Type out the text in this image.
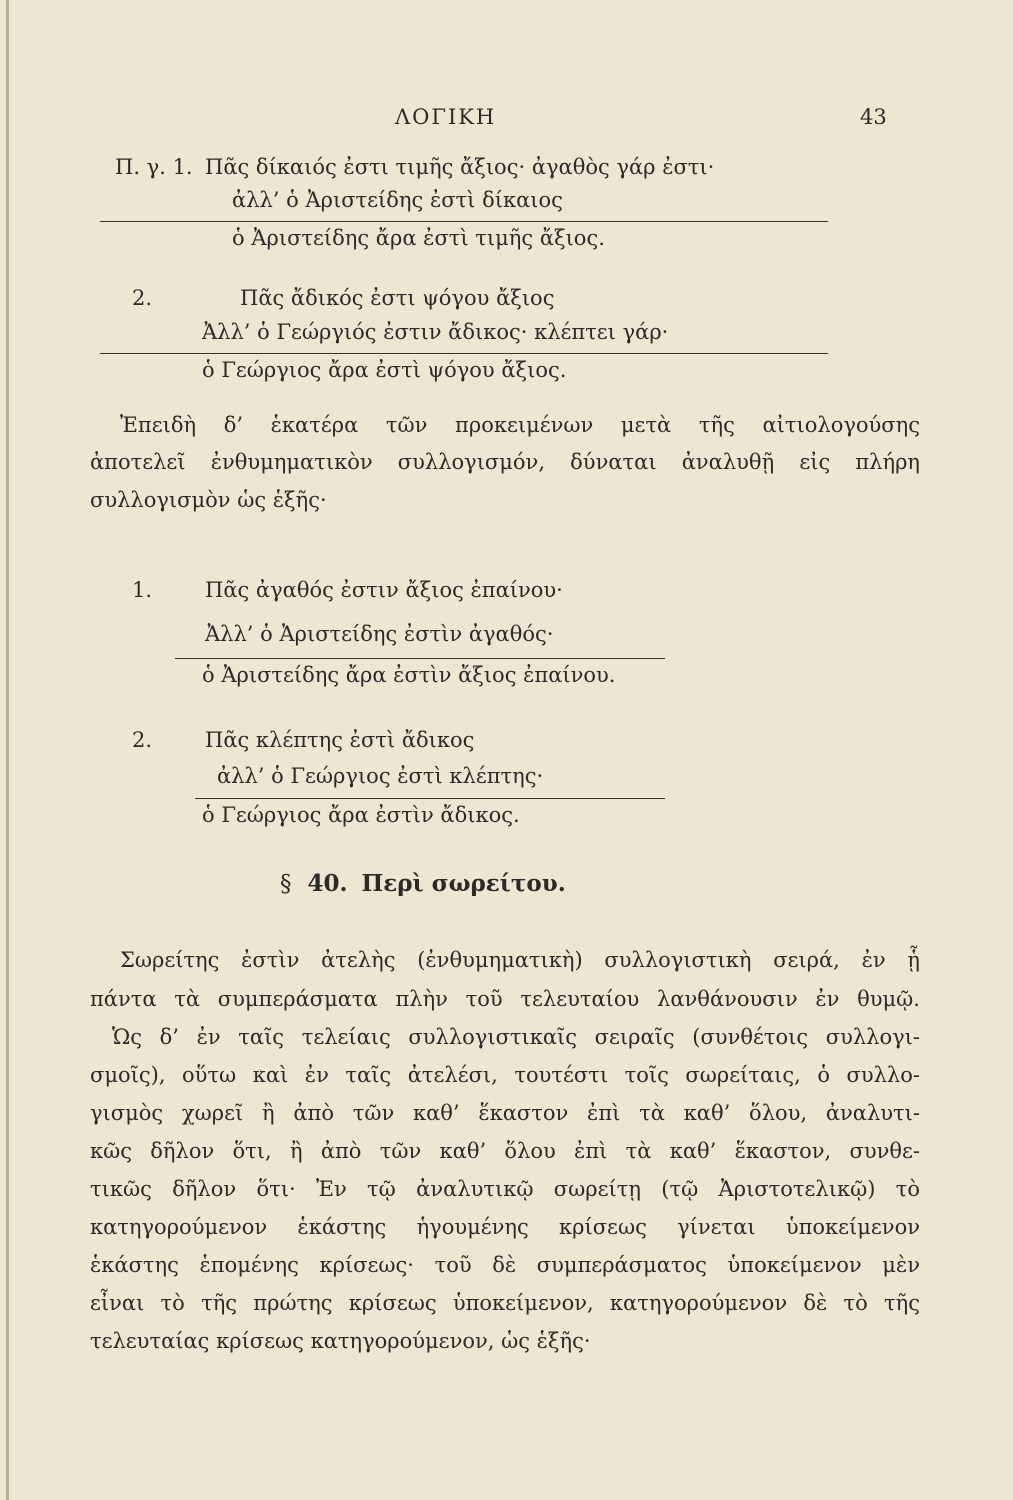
ΛΟΓΙΚΗ	43
Π. γ. 1. Πᾶς δίκαιός ἐστι τιμῆς ἄξιος· ἀγαθὸς γάρ ἐστι·
ἀλλ’ ὁ Ἀριστείδης ἐστὶ δίκαιος
ὁ Ἀριστείδης ἄρα ἐστὶ τιμῆς ἄξιος.
2.	Πᾶς ἄδικός ἐστι ψόγου ἄξιος
Ἀλλ’ ὁ Γεώργιός ἐστιν ἄδικος· κλέπτει γάρ·
ὁ Γεώργιος ἄρα ἐστὶ ψόγου ἄξιος.
Ἐπειδὴ δ’ ἑκατέρα τῶν προκειμένων μετὰ τῆς αἰτιολογούσης
ἀποτελεῖ ἐνθυμηματικὸν συλλογισμόν, δύναται ἀναλυθῇ εἰς πλήρη
συλλογισμὸν ὡς ἑξῆς·
1.	Πᾶς ἀγαθός ἐστιν ἄξιος ἐπαίνου·
Ἀλλ’ ὁ Ἀριστείδης ἐστὶν ἀγαθός·
ὁ Ἀριστείδης ἄρα ἐστὶν ἄξιος ἐπαίνου.
2.	Πᾶς κλέπτης ἐστὶ ἄδικος
ἀλλ’ ὁ Γεώργιος ἐστὶ κλέπτης·
ὁ Γεώργιος ἄρα ἐστὶν ἄδικος.
§ 40. Περὶ σωρείτου.
Σωρείτης ἐστὶν ἀτελὴς (ἐνθυμηματικὴ) συλλογιστικὴ σειρά, ἐν ᾗ
πάντα τὰ συμπεράσματα πλὴν τοῦ τελευταίου λανθάνουσιν ἐν θυμῷ.
Ὡς δ’ ἐν ταῖς τελείαις συλλογιστικαῖς σειραῖς (συνθέτοις συλλογι-
σμοῖς), οὕτω καὶ ἐν ταῖς ἀτελέσι, τουτέστι τοῖς σωρείταις, ὁ συλλο-
γισμὸς χωρεῖ ἢ ἀπὸ τῶν καθ’ ἕκαστον ἐπὶ τὰ καθ’ ὅλου, ἀναλυτι-
κῶς δῆλον ὅτι, ἢ ἀπὸ τῶν καθ’ ὅλου ἐπὶ τὰ καθ’ ἕκαστον, συνθε-
τικῶς δῆλον ὅτι· Ἐν τῷ ἀναλυτικῷ σωρείτῃ (τῷ Ἀριστοτελικῷ) τὸ
κατηγορούμενον ἑκάστης ἡγουμένης κρίσεως γίνεται ὑποκείμενον
ἑκάστης ἑπομένης κρίσεως· τοῦ δὲ συμπεράσματος ὑποκείμενον μὲν
εἶναι τὸ τῆς πρώτης κρίσεως ὑποκείμενον, κατηγορούμενον δὲ τὸ τῆς
τελευταίας κρίσεως κατηγορούμενον, ὡς ἑξῆς·
